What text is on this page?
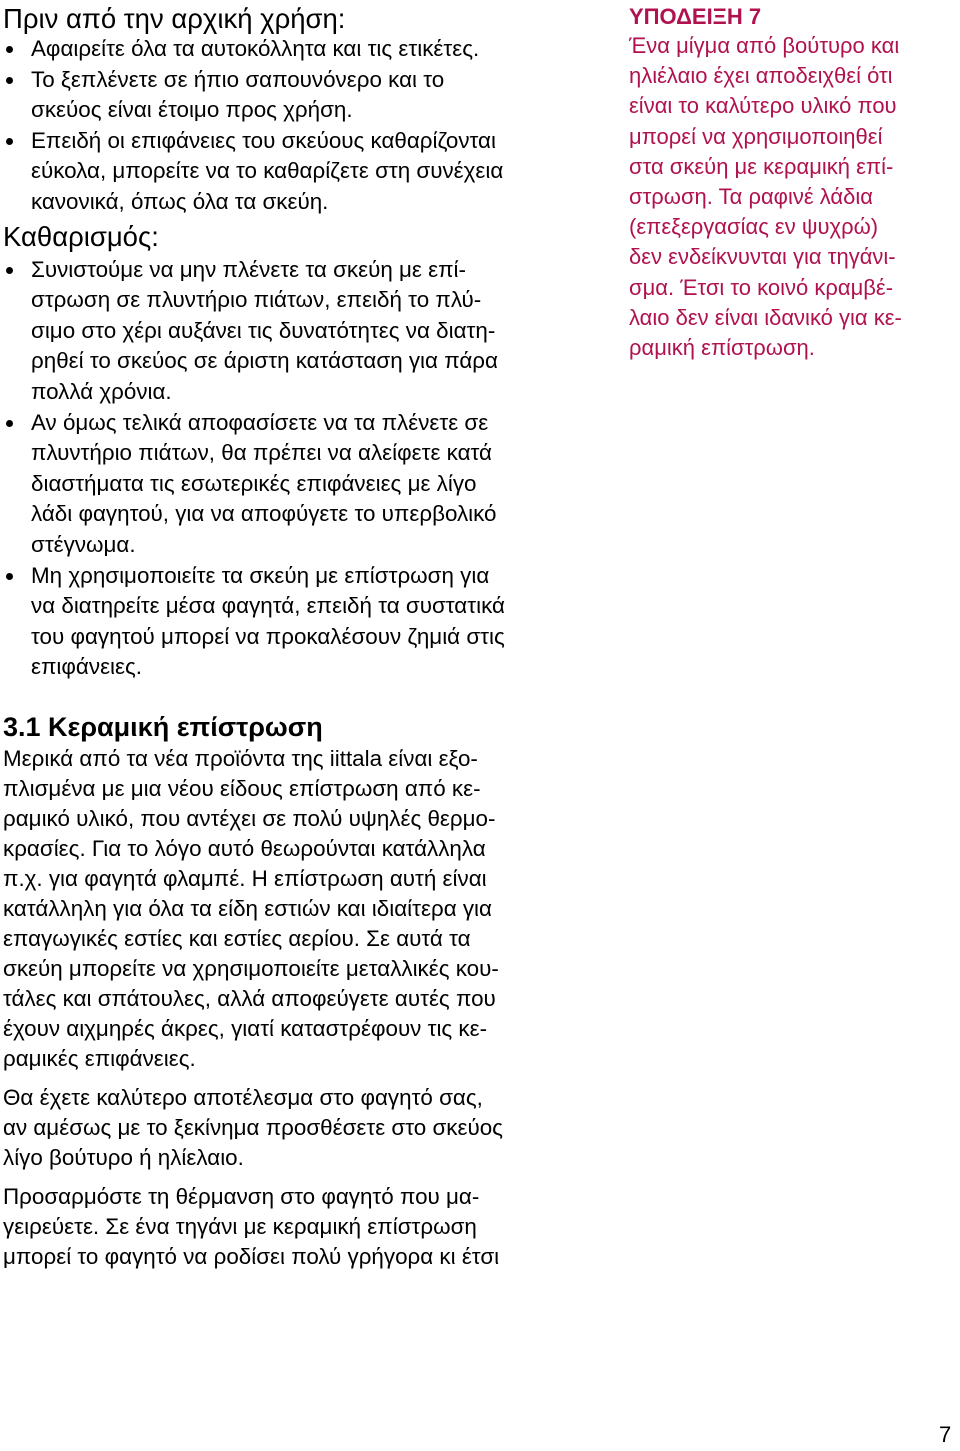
Πριν από την αρχική χρήση:
Αφαιρείτε όλα τα αυτοκόλλητα και τις ετικέτες.
Το ξεπλένετε σε ήπιο σαπουνόνερο και το
σκεύος είναι έτοιμο προς χρήση.
Επειδή οι επιφάνειες του σκεύους καθαρίζονται
εύκολα, μπορείτε να το καθαρίζετε στη συνέχεια
κανονικά, όπως όλα τα σκεύη.
Καθαρισμός:
Συνιστούμε να μην πλένετε τα σκεύη με επί-
στρωση σε πλυντήριο πιάτων, επειδή το πλύ-
σιμο στο χέρι αυξάνει τις δυνατότητες να διατη-
ρηθεί το σκεύος σε άριστη κατάσταση για πάρα
πολλά χρόνια.
Αν όμως τελικά αποφασίσετε να τα πλένετε σε
πλυντήριο πιάτων, θα πρέπει να αλείφετε κατά
διαστήματα τις εσωτερικές επιφάνειες με λίγο
λάδι φαγητού, για να αποφύγετε το υπερβολικό
στέγνωμα.
Μη χρησιμοποιείτε τα σκεύη με επίστρωση για
να διατηρείτε μέσα φαγητά, επειδή τα συστατικά
του φαγητού μπορεί να προκαλέσουν ζημιά στις
επιφάνειες.
3.1 Κεραμική επίστρωση

Μερικά από τα νέα προϊόντα της iittala είναι εξο-
πλισμένα με μια νέου είδους επίστρωση από κε-
ραμικό υλικό, που αντέχει σε πολύ υψηλές θερμο-
κρασίες. Για το λόγο αυτό θεωρούνται κατάλληλα
π.χ. για φαγητά φλαμπέ. Η επίστρωση αυτή είναι
κατάλληλη για όλα τα είδη εστιών και ιδιαίτερα για
επαγωγικές εστίες και εστίες αερίου. Σε αυτά τα
σκεύη μπορείτε να χρησιμοποιείτε μεταλλικές κου-
τάλες και σπάτουλες, αλλά αποφεύγετε αυτές που
έχουν αιχμηρές άκρες, γιατί καταστρέφουν τις κε-
ραμικές επιφάνειες.

Θα έχετε καλύτερο αποτέλεσμα στο φαγητό σας,
αν αμέσως με το ξεκίνημα προσθέσετε στο σκεύος
λίγο βούτυρο ή ηλίελαιο.

Προσαρμόστε τη θέρμανση στο φαγητό που μα-
γειρεύετε. Σε ένα τηγάνι με κεραμική επίστρωση
μπορεί το φαγητό να ροδίσει πολύ γρήγορα κι έτσι

ΥΠΟΔΕΙΞΗ 7

Ένα μίγμα από βούτυρο και
ηλιέλαιο έχει αποδειχθεί ότι
είναι το καλύτερο υλικό που
μπορεί να χρησιμοποιηθεί
στα σκεύη με κεραμική επί-
στρωση. Τα ραφινέ λάδια
(επεξεργασίας εν ψυχρώ)
δεν ενδείκνυνται για τηγάνι-
σμα. Έτσι το κοινό κραμβέ-
λαιο δεν είναι ιδανικό για κε-
ραμική επίστρωση.

7
